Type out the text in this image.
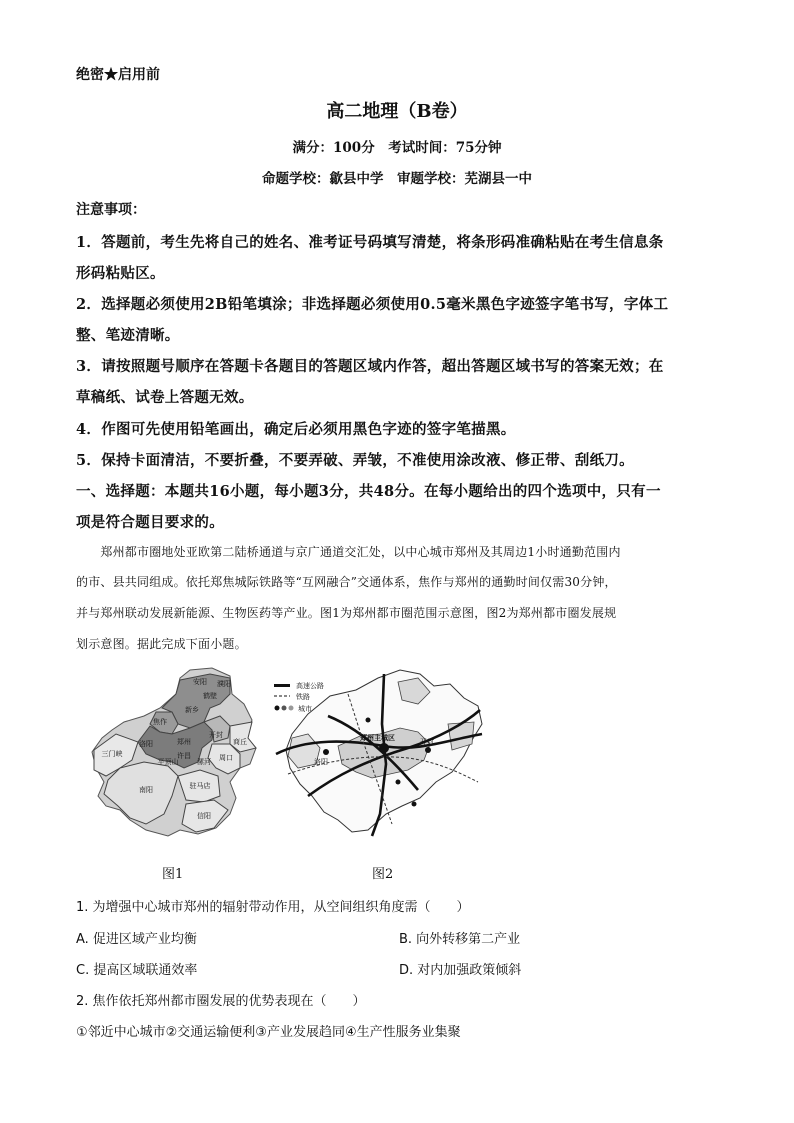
绝密★启用前
高二地理（B卷）
满分：100分　考试时间：75分钟
命题学校：歙县中学　审题学校：芜湖县一中
注意事项：
1．答题前，考生先将自己的姓名、准考证号码填写清楚，将条形码准确粘贴在考生信息条
形码粘贴区。
2．选择题必须使用2B铅笔填涂；非选择题必须使用0.5毫米黑色字迹签字笔书写，字体工
整、笔迹清晰。
3．请按照题号顺序在答题卡各题目的答题区域内作答，超出答题区域书写的答案无效；在
草稿纸、试卷上答题无效。
4．作图可先使用铅笔画出，确定后必须用黑色字迹的签字笔描黑。
5．保持卡面清洁，不要折叠，不要弄破、弄皱，不准使用涂改液、修正带、刮纸刀。
一、选择题：本题共16小题，每小题3分，共48分。在每小题给出的四个选项中，只有一
项是符合题目要求的。
　　郑州都市圈地处亚欧第二陆桥通道与京广通道交汇处，以中心城市郑州及其周边1小时通勤范围内
的市、县共同组成。依托郑焦城际铁路等“互网融合”交通体系，焦作与郑州的通勤时间仅需30分钟，
并与郑州联动发展新能源、生物医药等产业。图1为郑州都市圈范围示意图，图2为郑州都市圈发展规
划示意图。据此完成下面小题。
安阳
鹤壁
新乡
焦作
濮阳
郑州
开封
商丘
三门峡
洛阳
许昌
平顶山	漯河 周口
南阳	驻马店
信阳
高速公路
铁路
城市
洛阳
郑州主城区	开封
图1	图2
1. 为增强中心城市郑州的辐射带动作用，从空间组织角度需（　　）
A. 促进区域产业均衡	B. 向外转移第二产业
C. 提高区域联通效率	D. 对内加强政策倾斜
2. 焦作依托郑州都市圈发展的优势表现在（　　）
①邻近中心城市②交通运输便利③产业发展趋同④生产性服务业集聚
